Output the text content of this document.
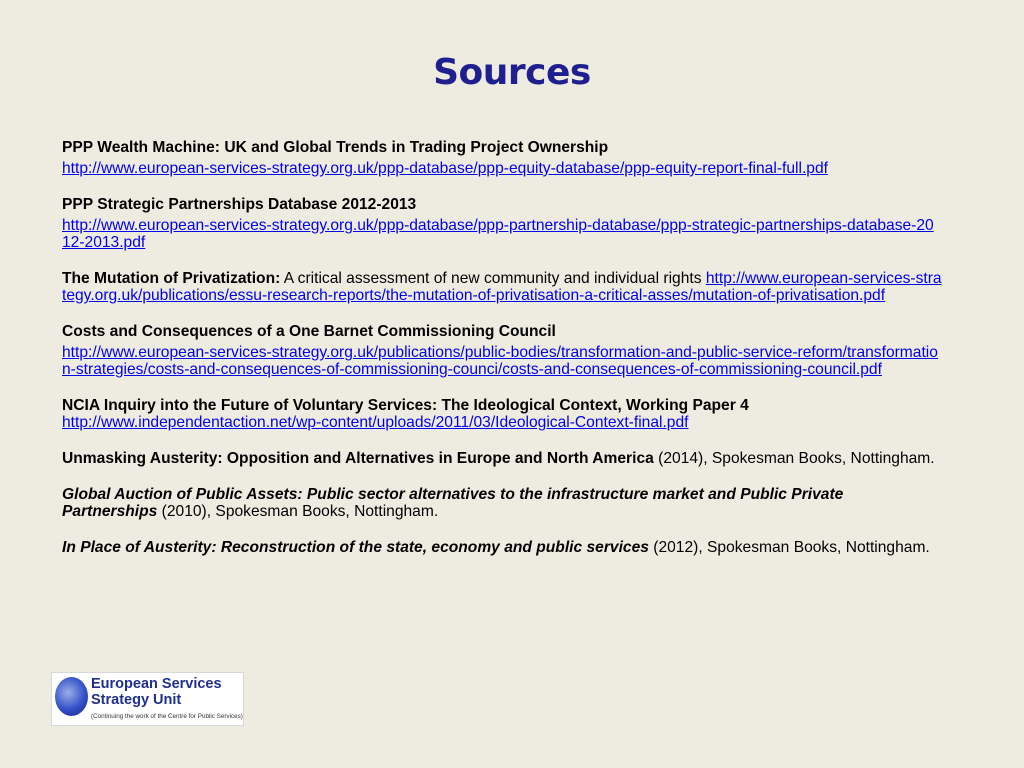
Sources
PPP Wealth Machine: UK and Global Trends in Trading Project Ownership
http://www.european-services-strategy.org.uk/ppp-database/ppp-equity-database/ppp-equity-report-final-full.pdf
PPP Strategic Partnerships Database 2012-2013
http://www.european-services-strategy.org.uk/ppp-database/ppp-partnership-database/ppp-strategic-partnerships-database-2012-2013.pdf
The Mutation of Privatization: A critical assessment of new community and individual rights http://www.european-services-strategy.org.uk/publications/essu-research-reports/the-mutation-of-privatisation-a-critical-asses/mutation-of-privatisation.pdf
Costs and Consequences of a One Barnet Commissioning Council
http://www.european-services-strategy.org.uk/publications/public-bodies/transformation-and-public-service-reform/transformation-strategies/costs-and-consequences-of-commissioning-counci/costs-and-consequences-of-commissioning-council.pdf
NCIA Inquiry into the Future of Voluntary Services: The Ideological Context, Working Paper 4
http://www.independentaction.net/wp-content/uploads/2011/03/Ideological-Context-final.pdf
Unmasking Austerity: Opposition and Alternatives in Europe and North America (2014), Spokesman Books, Nottingham.
Global Auction of Public Assets: Public sector alternatives to the infrastructure market and Public Private Partnerships (2010), Spokesman Books, Nottingham.
In Place of Austerity: Reconstruction of the state, economy and public services (2012), Spokesman Books, Nottingham.
European Services
Strategy Unit
(Continuing the work of the Centre for Public Services)
